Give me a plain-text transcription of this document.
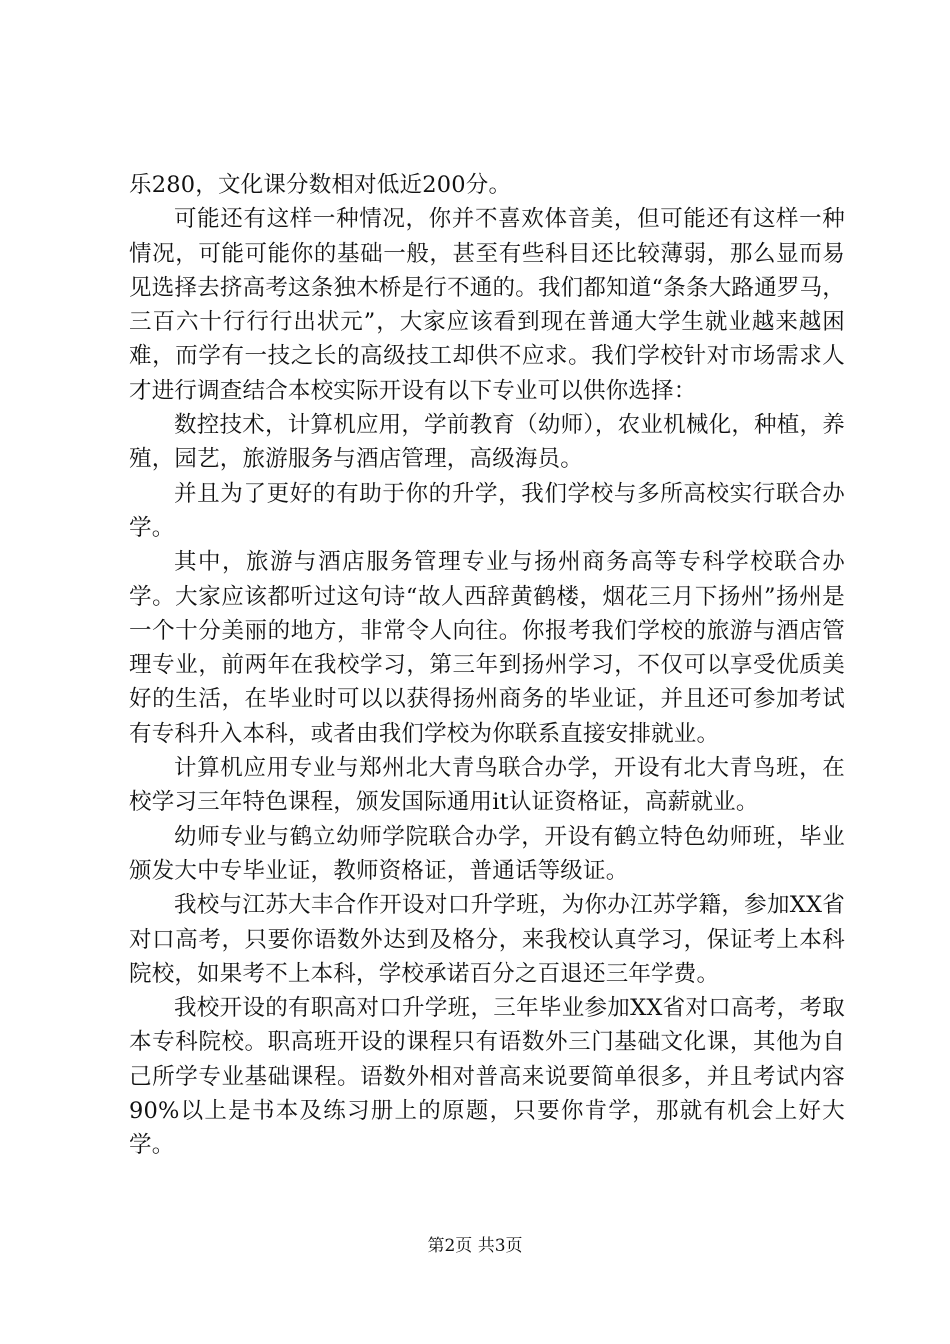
乐280，文化课分数相对低近200分。

可能还有这样一种情况，你并不喜欢体音美，但可能还有这样一种情况，可能可能你的基础一般，甚至有些科目还比较薄弱，那么显而易见选择去挤高考这条独木桥是行不通的。我们都知道“条条大路通罗马，三百六十行行行出状元”，大家应该看到现在普通大学生就业越来越困难，而学有一技之长的高级技工却供不应求。我们学校针对市场需求人才进行调查结合本校实际开设有以下专业可以供你选择：

数控技术，计算机应用，学前教育（幼师），农业机械化，种植，养殖，园艺，旅游服务与酒店管理，高级海员。

并且为了更好的有助于你的升学，我们学校与多所高校实行联合办学。

其中，旅游与酒店服务管理专业与扬州商务高等专科学校联合办学。大家应该都听过这句诗“故人西辞黄鹤楼，烟花三月下扬州”扬州是一个十分美丽的地方，非常令人向往。你报考我们学校的旅游与酒店管理专业，前两年在我校学习，第三年到扬州学习，不仅可以享受优质美好的生活，在毕业时可以以获得扬州商务的毕业证，并且还可参加考试有专科升入本科，或者由我们学校为你联系直接安排就业。

计算机应用专业与郑州北大青鸟联合办学，开设有北大青鸟班，在校学习三年特色课程，颁发国际通用it认证资格证，高薪就业。

幼师专业与鹤立幼师学院联合办学，开设有鹤立特色幼师班，毕业颁发大中专毕业证，教师资格证，普通话等级证。

我校与江苏大丰合作开设对口升学班，为你办江苏学籍，参加XX省对口高考，只要你语数外达到及格分，来我校认真学习，保证考上本科院校，如果考不上本科，学校承诺百分之百退还三年学费。

我校开设的有职高对口升学班，三年毕业参加XX省对口高考，考取本专科院校。职高班开设的课程只有语数外三门基础文化课，其他为自己所学专业基础课程。语数外相对普高来说要简单很多，并且考试内容90%以上是书本及练习册上的原题，只要你肯学，那就有机会上好大学。

第2页 共3页
